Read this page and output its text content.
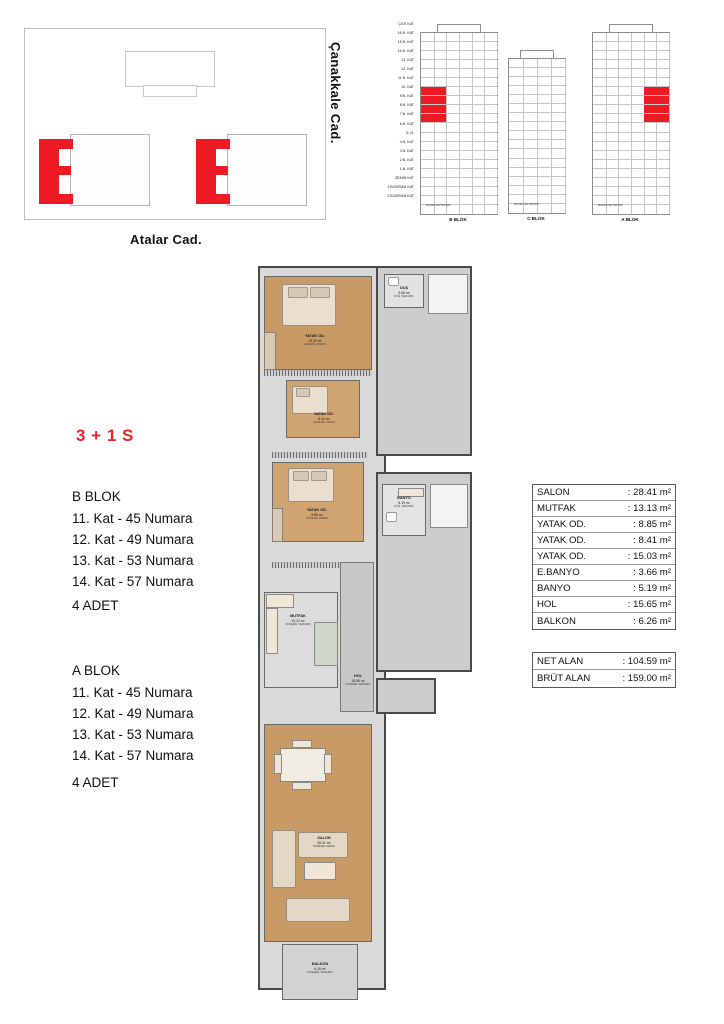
Atalar Cad.
Çanakkale Cad.
ÇATI KAT
16.N. KAT
15.N. KAT
14.N. KAT
13. KAT
12. KAT
11.N. KAT
10. KAT
9.N. KAT
8.N. KAT
7.N. KAT
6.N. KAT
5. N.
4.N. KAT
3.N. KAT
2.N. KAT
1.N. KAT
ZEMİN KAT
1.BODRUM KAT
2.BODRUM KAT
B BLOK
BODRUM/TEKNİK
C BLOK
BODRUM/TEKNİK
A BLOK
BODRUM/TEKNİK
3 + 1 S
B BLOK
11. Kat - 45 Numara
12. Kat - 49 Numara
13. Kat - 53 Numara
14. Kat - 57 Numara
4 ADET
A BLOK
11. Kat - 45 Numara
12. Kat - 49 Numara
13. Kat - 53 Numara
14. Kat - 57 Numara
4 ADET
SALON	: 28.41 m²
MUTFAK	: 13.13 m²
YATAK OD.	: 8.85 m²
YATAK OD.	: 8.41 m²
YATAK OD.	: 15.03 m²
E.BANYO	: 3.66 m²
BANYO	: 5.19 m²
HOL	: 15.65 m²
BALKON	: 6.26 m²
NET ALAN	: 104.59 m²
BRÜT ALAN	: 159.00 m²
YATAK OD.
15.03 m²
DÖŞEME: PARKE
DUŞ
3.66 m²
DÖŞ. SERAMİK
YATAK OD.
8.41 m²
DÖŞEME: PARKE
YATAK OD.
8.85 m²
DÖŞEME: PARKE
BANYO
5.19 m²
DÖŞ. SERAMİK
MUTFAK
13.13 m²
DÖŞEME: SERAMİK
HOL
15.65 m²
DÖŞEME: SERAMİK
SALON
28.41 m²
DÖŞEME: PARKE
BALKON
6.26 m²
DÖŞEME: SERAMİK
